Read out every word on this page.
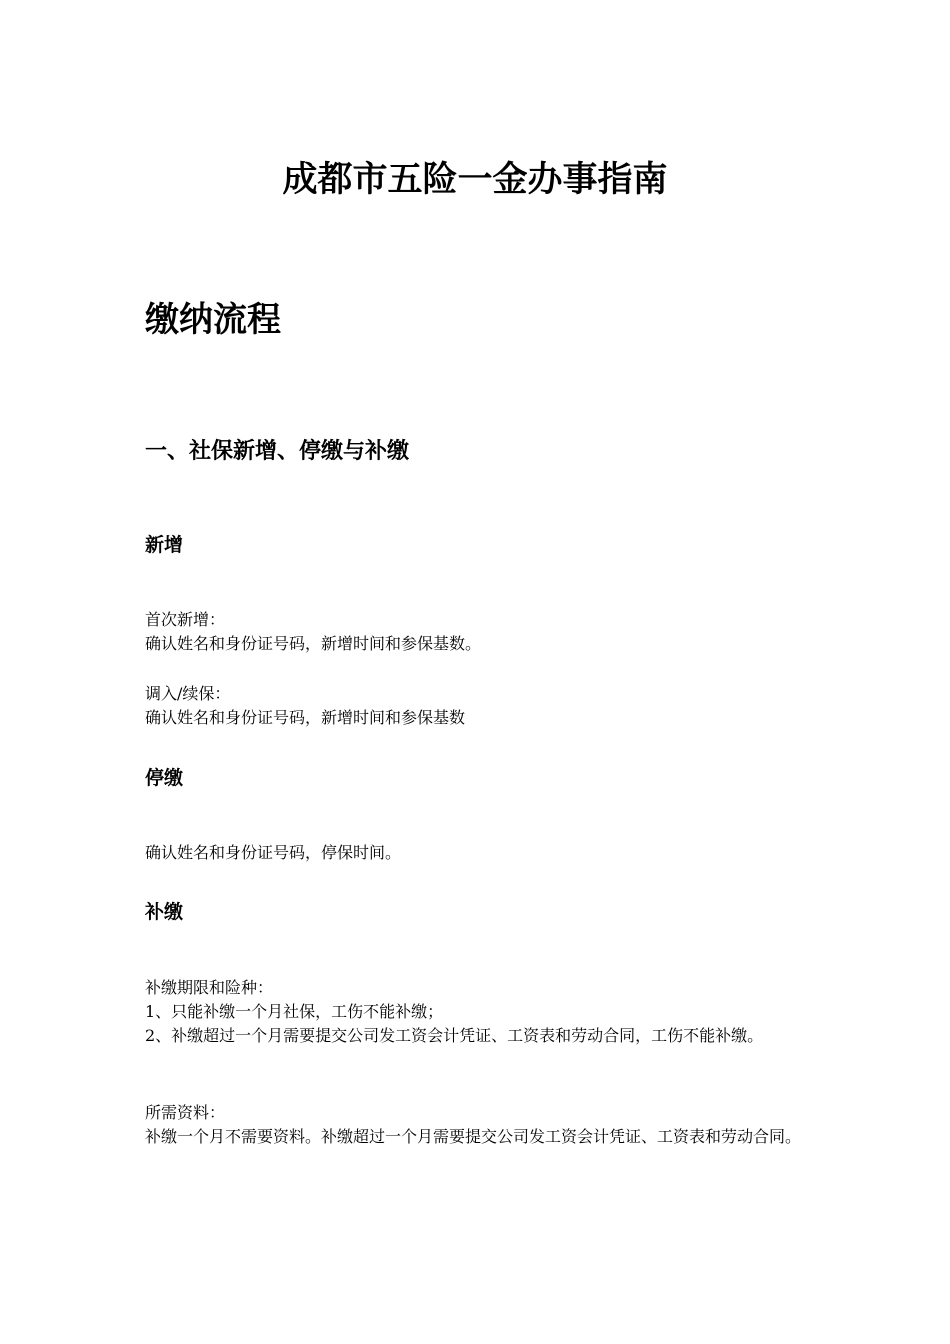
成都市五险一金办事指南
缴纳流程
一、社保新增、停缴与补缴
新增
首次新增：
确认姓名和身份证号码，新增时间和参保基数。
调入/续保：
确认姓名和身份证号码，新增时间和参保基数
停缴
确认姓名和身份证号码，停保时间。
补缴
补缴期限和险种：
1、只能补缴一个月社保，工伤不能补缴；
2、补缴超过一个月需要提交公司发工资会计凭证、工资表和劳动合同，工伤不能补缴。
所需资料：
补缴一个月不需要资料。补缴超过一个月需要提交公司发工资会计凭证、工资表和劳动合同。
